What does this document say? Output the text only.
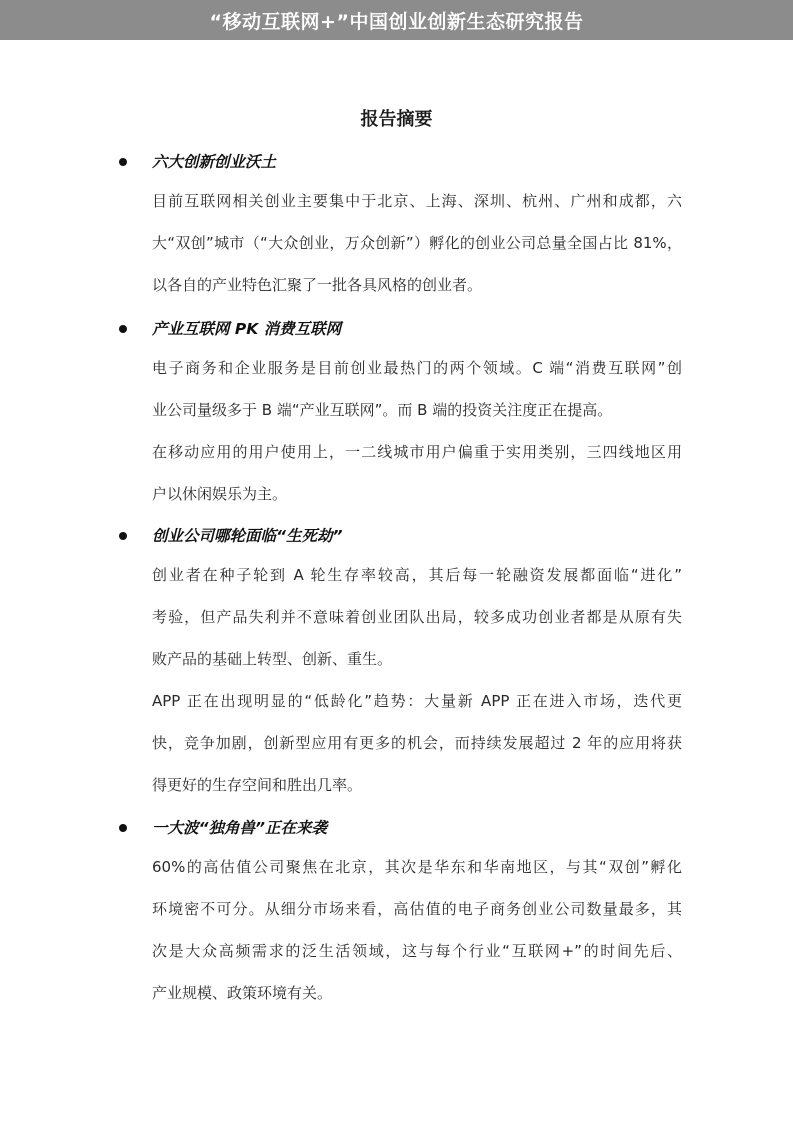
“移动互联网+”中国创业创新生态研究报告
报告摘要
六大创新创业沃土
目前互联网相关创业主要集中于北京、上海、深圳、杭州、广州和成都，六
大“双创”城市（“大众创业，万众创新”）孵化的创业公司总量全国占比 81%，
以各自的产业特色汇聚了一批各具风格的创业者。
产业互联网 PK 消费互联网
电子商务和企业服务是目前创业最热门的两个领域。C 端“消费互联网”创
业公司量级多于 B 端“产业互联网”。而 B 端的投资关注度正在提高。
在移动应用的用户使用上，一二线城市用户偏重于实用类别，三四线地区用
户以休闲娱乐为主。
创业公司哪轮面临“生死劫”
创业者在种子轮到 A 轮生存率较高，其后每一轮融资发展都面临“进化”
考验，但产品失利并不意味着创业团队出局，较多成功创业者都是从原有失
败产品的基础上转型、创新、重生。
APP 正在出现明显的“低龄化”趋势：大量新 APP 正在进入市场，迭代更
快，竞争加剧，创新型应用有更多的机会，而持续发展超过 2 年的应用将获
得更好的生存空间和胜出几率。
一大波“独角兽”正在来袭
60%的高估值公司聚焦在北京，其次是华东和华南地区，与其“双创”孵化
环境密不可分。从细分市场来看，高估值的电子商务创业公司数量最多，其
次是大众高频需求的泛生活领域，这与每个行业“互联网+”的时间先后、
产业规模、政策环境有关。
